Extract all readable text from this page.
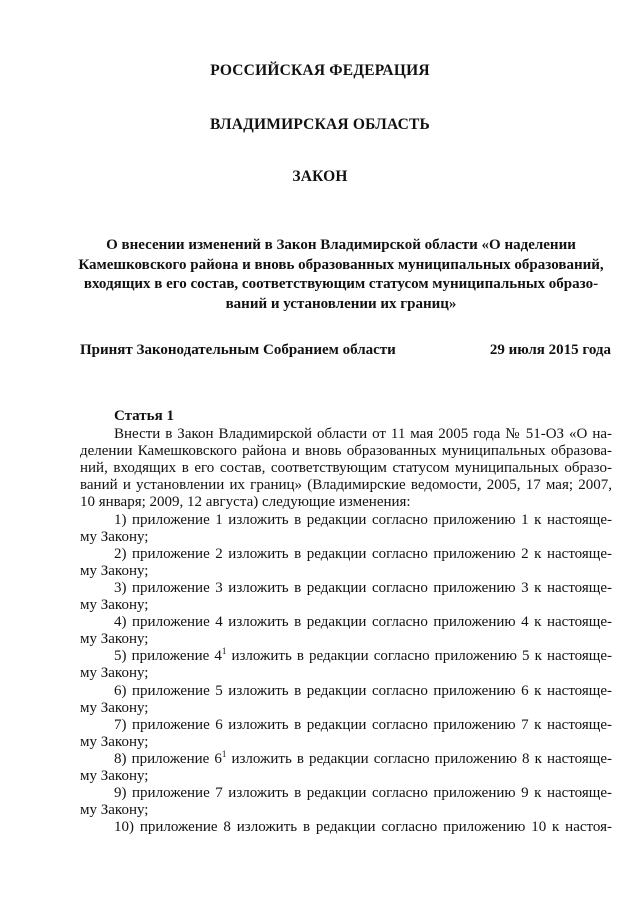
РОССИЙСКАЯ ФЕДЕРАЦИЯ
ВЛАДИМИРСКАЯ ОБЛАСТЬ
ЗАКОН
О внесении изменений в Закон Владимирской области «О наделении
Камешковского района и вновь образованных муниципальных образований,
входящих в его состав, соответствующим статусом муниципальных образо-
ваний и установлении их границ»
Принят Законодательным Собранием области	29 июля 2015 года
Статья 1
Внести в Закон Владимирской области от 11 мая 2005 года № 51-ОЗ «О на-
делении Камешковского района и вновь образованных муниципальных образова-
ний, входящих в его состав, соответствующим статусом муниципальных образо-
ваний и установлении их границ» (Владимирские ведомости, 2005, 17 мая; 2007,
10 января; 2009, 12 августа) следующие изменения:
1) приложение 1 изложить в редакции согласно приложению 1 к настояще-
му Закону;
2) приложение 2 изложить в редакции согласно приложению 2 к настояще-
му Закону;
3) приложение 3 изложить в редакции согласно приложению 3 к настояще-
му Закону;
4) приложение 4 изложить в редакции согласно приложению 4 к настояще-
му Закону;
5) приложение $4^1$ изложить в редакции согласно приложению 5 к настояще-
му Закону;
6) приложение 5 изложить в редакции согласно приложению 6 к настояще-
му Закону;
7) приложение 6 изложить в редакции согласно приложению 7 к настояще-
му Закону;
8) приложение $6^1$ изложить в редакции согласно приложению 8 к настояще-
му Закону;
9) приложение 7 изложить в редакции согласно приложению 9 к настояще-
му Закону;
10) приложение 8 изложить в редакции согласно приложению 10 к настоя-
